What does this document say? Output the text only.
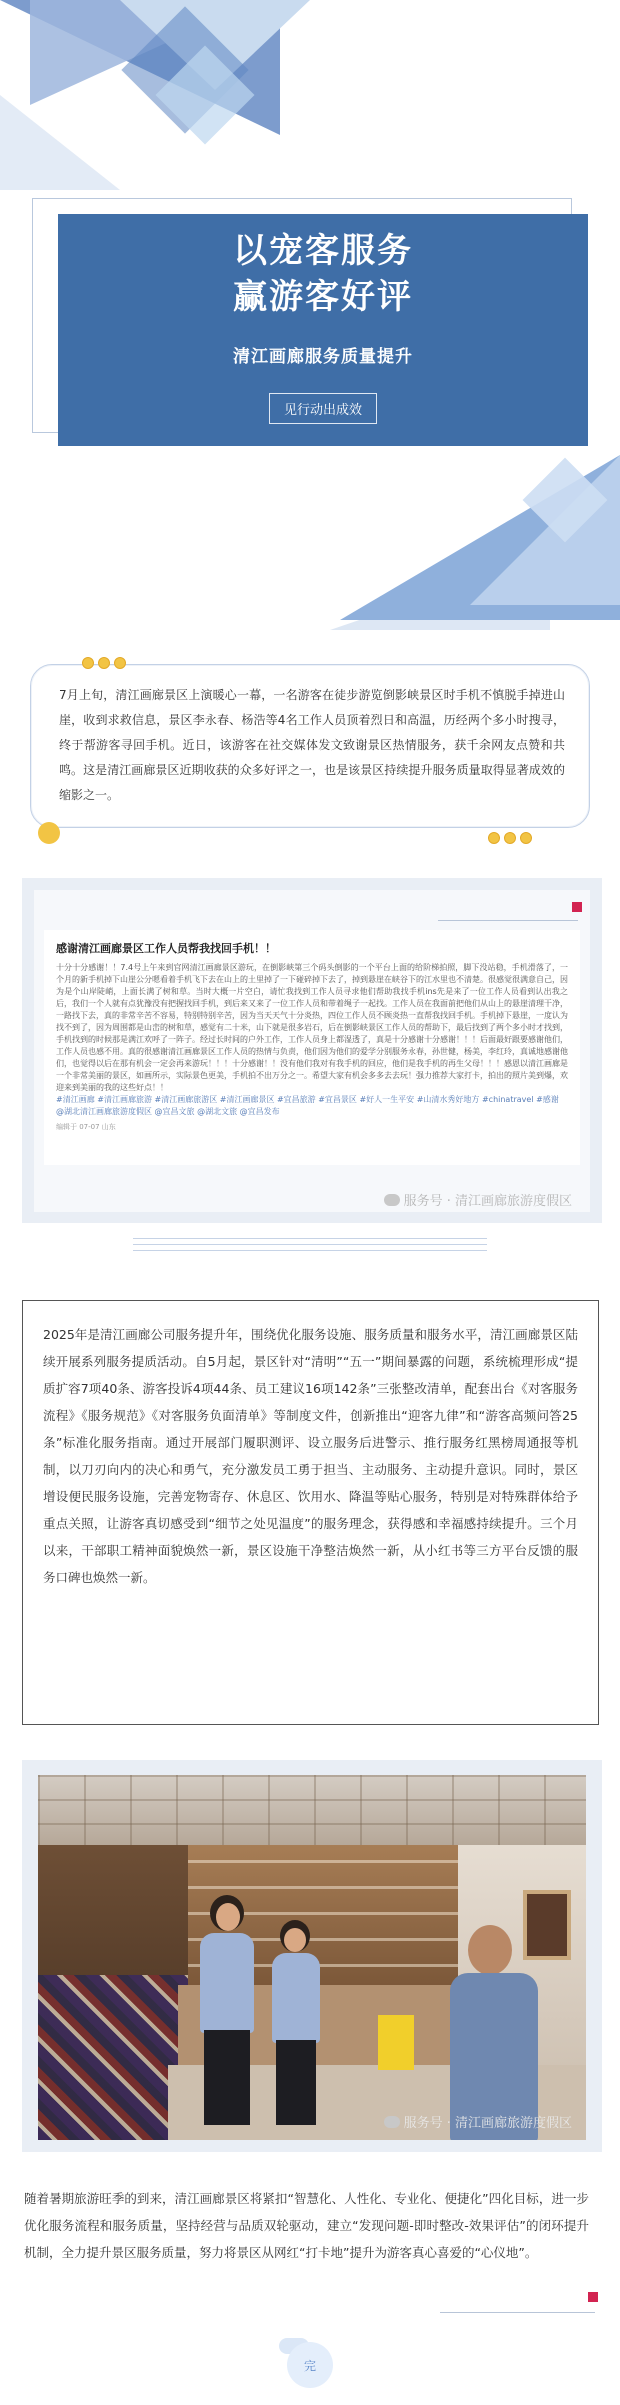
以宠客服务
赢游客好评
清江画廊服务质量提升
见行动出成效

7月上旬，清江画廊景区上演暖心一幕，一名游客在徒步游览倒影峡景区时手机不慎脱手掉进山崖，收到求救信息，景区李永春、杨浩等4名工作人员顶着烈日和高温，历经两个多小时搜寻，终于帮游客寻回手机。近日，该游客在社交媒体发文致谢景区热情服务，获千余网友点赞和共鸣。这是清江画廊景区近期收获的众多好评之一，也是该景区持续提升服务质量取得显著成效的缩影之一。

感谢清江画廊景区工作人员帮我找回手机！！
十分十分感谢！！7.4号上午来到官网清江画廊景区游玩，在倒影峡第三个码头倒影的一个平台上面的给阶梯拍照，脚下没站稳，手机滑落了，一个月的新手机掉下山崖公分嗯看着手机飞下去在山上的土里掉了一下碰碎掉下去了，掉到悬崖在峡谷下的江水里也不清楚。很感觉很满意自己，因为是个山岸陡峭，上面长满了树和草。当时大概一片空白，请忙我找到工作人员寻求他们帮助我找手机ins先是来了一位工作人员看到认出我之后，我们一个人就有点犹豫没有把握找回手机，到后来又来了一位工作人员和带着绳子一起找。工作人员在我面前把他们从山上的悬崖清理干净，一路找下去，真的非常辛苦不容易，特别特别辛苦，因为当天天气十分炎热，四位工作人员不顾炎热一直帮我找回手机。手机掉下悬崖，一度认为找不到了，因为周围都是山峦的树和草，感觉有二十米，山下就是很多岩石，后在倒影峡景区工作人员的帮助下，最后找到了两个多小时才找到，手机找到的时候那是满江欢呼了一阵子。经过长时间的户外工作，工作人员身上都湿透了，真是十分感谢十分感谢！！！后面最好跟要感谢他们，工作人员也感不用。真的很感谢清江画廊景区工作人员的热情与负责，他们因为他们的爱学分别服务永春，孙世健，杨美，李红玲，真诚地感谢他们，也觉得以后在那有机会一定会再来游玩！！！十分感谢！！没有他们我对有我手机的回应，他们是我手机的再生父母！！！感恩以清江画廊是一个非常美丽的景区，如画所示，实际景色更美，手机拍不出万分之一。希望大家有机会多多去去玩！强力推荐大家打卡，拍出的照片美到爆，欢迎来到美丽的我的这些好点！！
#清江画廊 #清江画廊旅游 #清江画廊旅游区 #清江画廊景区 #宜昌旅游 #宜昌景区 #好人一生平安 #山清水秀好地方 #chinatravel #感谢 @湖北清江画廊旅游度假区 @宜昌文旅 @湖北文旅 @宜昌发布
编辑于 07-07 山东
服务号 · 清江画廊旅游度假区

2025年是清江画廊公司服务提升年，围绕优化服务设施、服务质量和服务水平，清江画廊景区陆续开展系列服务提质活动。自5月起，景区针对“清明”“五一”期间暴露的问题，系统梳理形成“提质扩容7项40条、游客投诉4项44条、员工建议16项142条”三张整改清单，配套出台《对客服务流程》《服务规范》《对客服务负面清单》等制度文件，创新推出“迎客九律”和“游客高频问答25条”标准化服务指南。通过开展部门履职测评、设立服务后进警示、推行服务红黑榜周通报等机制，以刀刃向内的决心和勇气，充分激发员工勇于担当、主动服务、主动提升意识。同时，景区增设便民服务设施，完善宠物寄存、休息区、饮用水、降温等贴心服务，特别是对特殊群体给予重点关照，让游客真切感受到“细节之处见温度”的服务理念，获得感和幸福感持续提升。三个月以来，干部职工精神面貌焕然一新，景区设施干净整洁焕然一新，从小红书等三方平台反馈的服务口碑也焕然一新。

服务号 · 清江画廊旅游度假区

随着暑期旅游旺季的到来，清江画廊景区将紧扣“智慧化、人性化、专业化、便捷化”四化目标，进一步优化服务流程和服务质量，坚持经营与品质双轮驱动，建立“发现问题-即时整改-效果评估”的闭环提升机制，全力提升景区服务质量，努力将景区从网红“打卡地”提升为游客真心喜爱的“心仪地”。

完
